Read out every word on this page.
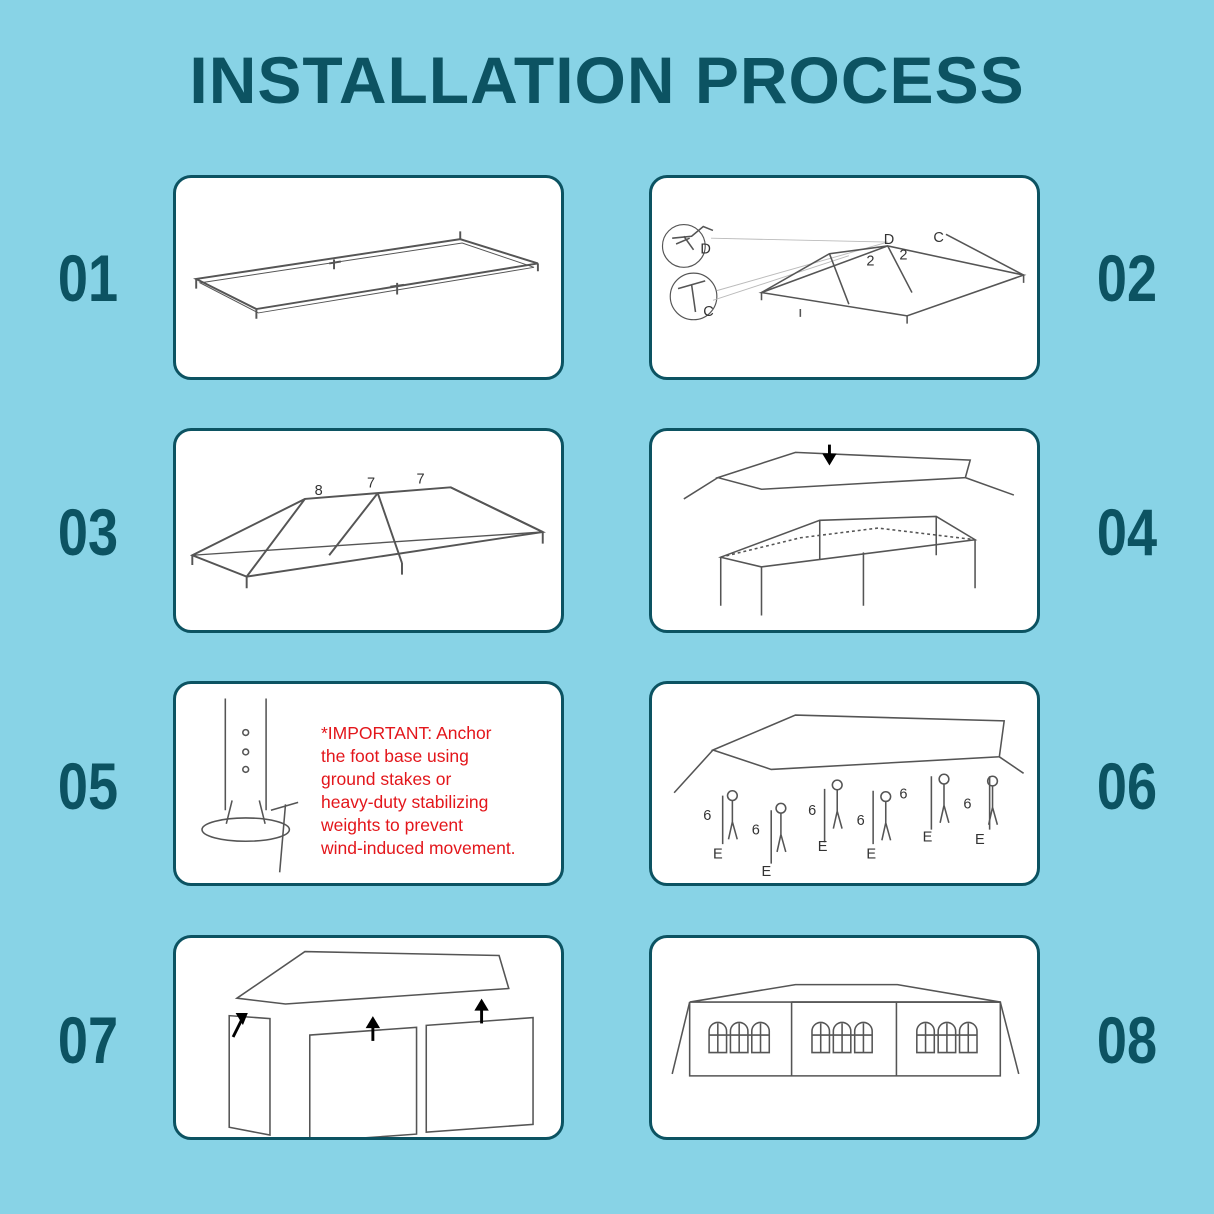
INSTALLATION PROCESS
01	02
03	04
05	06
07	08
D
C
D	C
2 2
8	7	7
*IMPORTANT: Anchor
the foot base using
ground stakes or
heavy-duty stabilizing
weights to prevent
wind-induced movement.
6
E
6
E
6
E
6
E
6
E
6
E
